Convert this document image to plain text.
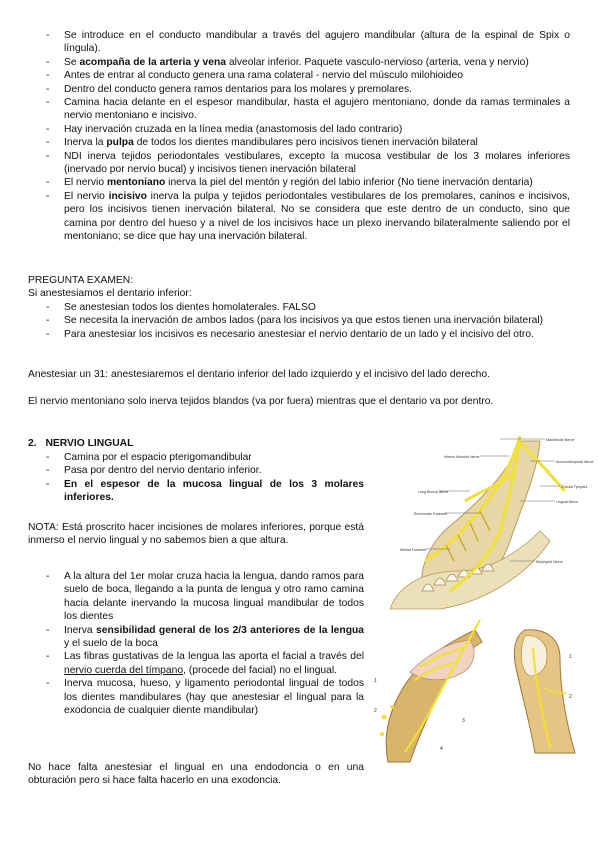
- Se introduce en el conducto mandibular a través del agujero mandibular (altura de la espinal de Spix o língula).
- Se acompaña de la arteria y vena alveolar inferior. Paquete vasculo-nervioso (arteria, vena y nervio)
- Antes de entrar al conducto genera una rama colateral - nervio del músculo milohioideo
- Dentro del conducto genera ramos dentarios para los molares y premolares.
- Camina hacia delante en el espesor mandibular, hasta el agujero mentoniano, donde da ramas terminales a nervio mentoniano e incisivo.
- Hay inervación cruzada en la línea media (anastomosis del lado contrario)
- Inerva la pulpa de todos los dientes mandibulares pero incisivos tienen inervación bilateral
- NDI inerva tejidos periodontales vestibulares, excepto la mucosa vestibular de los 3 molares inferiores (inervado por nervio bucal) y incisivos tienen inervación bilateral
- El nervio mentoniano inerva la piel del mentón y región del labio inferior (No tiene inervación dentaria)
- El nervio incisivo inerva la pulpa y tejidos periodontales vestibulares de los premolares, caninos e incisivos, pero los incisivos tienen inervación bilateral. No se considera que este dentro de un conducto, sino que camina por dentro del hueso y a nivel de los incisivos hace un plexo inervando bilateralmente saliendo por el mentoniano; se dice que hay una inervación bilateral.

PREGUNTA EXAMEN:

Si anestesiamos el dentario inferior:

- Se anestesian todos los dientes homolaterales. FALSO
- Se necesita la inervación de ambos lados (para los incisivos ya que estos tienen una inervación bilateral)
- Para anestesiar los incisivos es necesario anestesiar el nervio dentario de un lado y el incisivo del otro.

Anestesiar un 31: anestesiaremos el dentario inferior del lado izquierdo y el incisivo del lado derecho.

El nervio mentoniano solo inerva tejidos blandos (va por fuera) mientras que el dentario va por dentro.

2. NERVIO LINGUAL
- Camina por el espacio pterigomandibular
- Pasa por dentro del nervio dentario inferior.
- En el espesor de la mucosa lingual de los 3 molares inferiores.

NOTA: Está proscrito hacer incisiones de molares inferiores, porque está inmerso el nervio lingual y no sabemos bien a que altura.

- A la altura del 1er molar cruza hacia la lengua, dando ramos para suelo de boca, llegando a la punta de lengua y otro ramo camina hacia delante inervando la mucosa lingual mandibular de todos los dientes
- Inerva sensibilidad general de los 2/3 anteriores de la lengua y el suelo de la boca
- Las fibras gustativas de la lengua las aporta el facial a través del nervio cuerda del tímpano, (procede del facial) no el lingual.
- Inerva mucosa, hueso, y ligamento periodontal lingual de todos los dientes mandibulares (hay que anestesiar el lingual para la exodoncia de cualquier diente mandibular)

No hace falta anestesiar el lingual en una endodoncia o en una obturación pero si hace falta hacerlo en una exodoncia.

Mandibular Nerve
Inferior Alveolar Nerve
Auriculotemporal Nerve
Chorda Tympani
Lingual Nerve
Long Buccal Nerve
Retromolar Foramen
Mental Foramen
Mylohyoid Nerve
1
2
3
4
1
2
